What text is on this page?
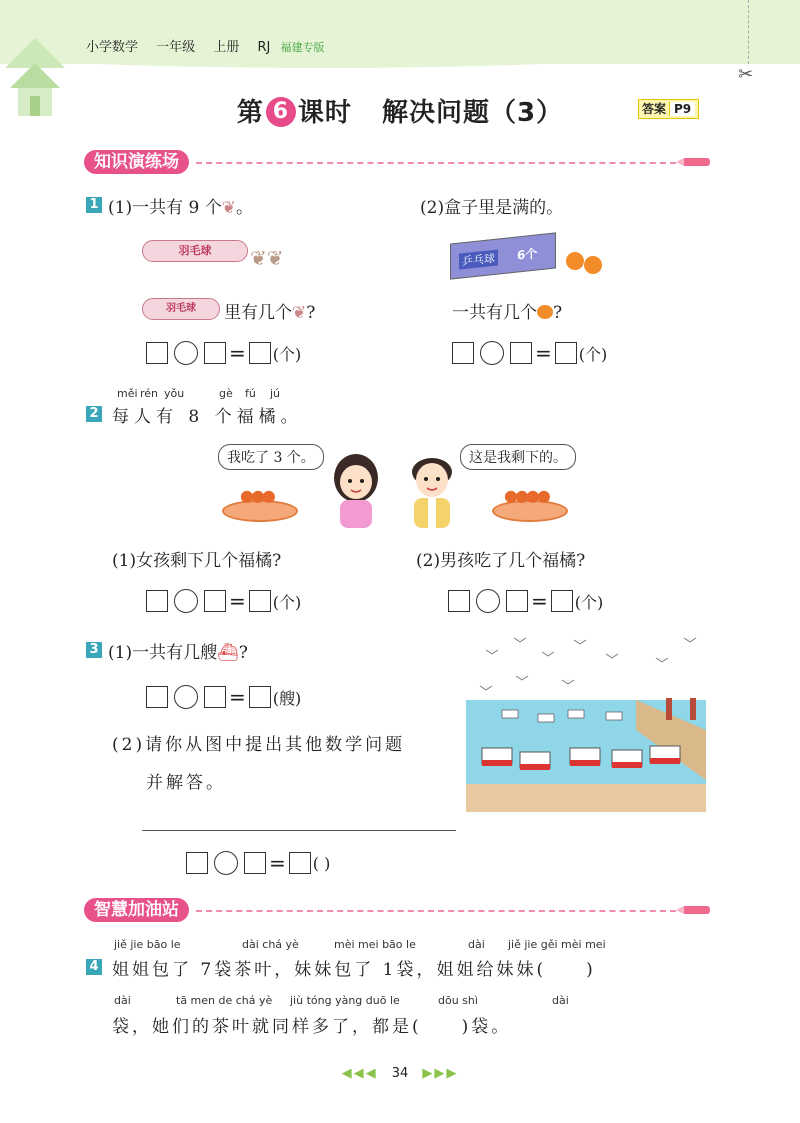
小学数学 一年级 上册 RJ 福建专版
✂
第 6 课时 解决问题（3）	答案 P9
知识演练场
1 (1)一共有 9 个❦。	(2)盒子里是满的。
羽毛球	❦❦	乒乓球 6个
羽毛球	里有几个❦?	一共有几个 ?
= (个)	= (个)
měi rén yǒu	gè fú jú
2 每人有 8 个福橘。
我吃了 3 个。	这是我剩下的。
●●●	●●●●
(1)女孩剩下几个福橘?	(2)男孩吃了几个福橘?
= (个)	= (个)
3 (1)一共有几艘⛴?
= (艘)
(2)请你从图中提出其他数学问题
并解答。
= ( )
智慧加油站
jiě jie bāo le	dài chá yè	mèi mei bāo le	dài jiě jie gěi mèi mei
4 姐姐包了 7袋茶叶，妹妹包了 1袋，姐姐给妹妹(　　)
dài	tā men de chá yè jiù tóng yàng duō le	dōu shì	dài
袋，她们的茶叶就同样多了，都是(　　)袋。
◀◀◀ 34 ▶▶▶
